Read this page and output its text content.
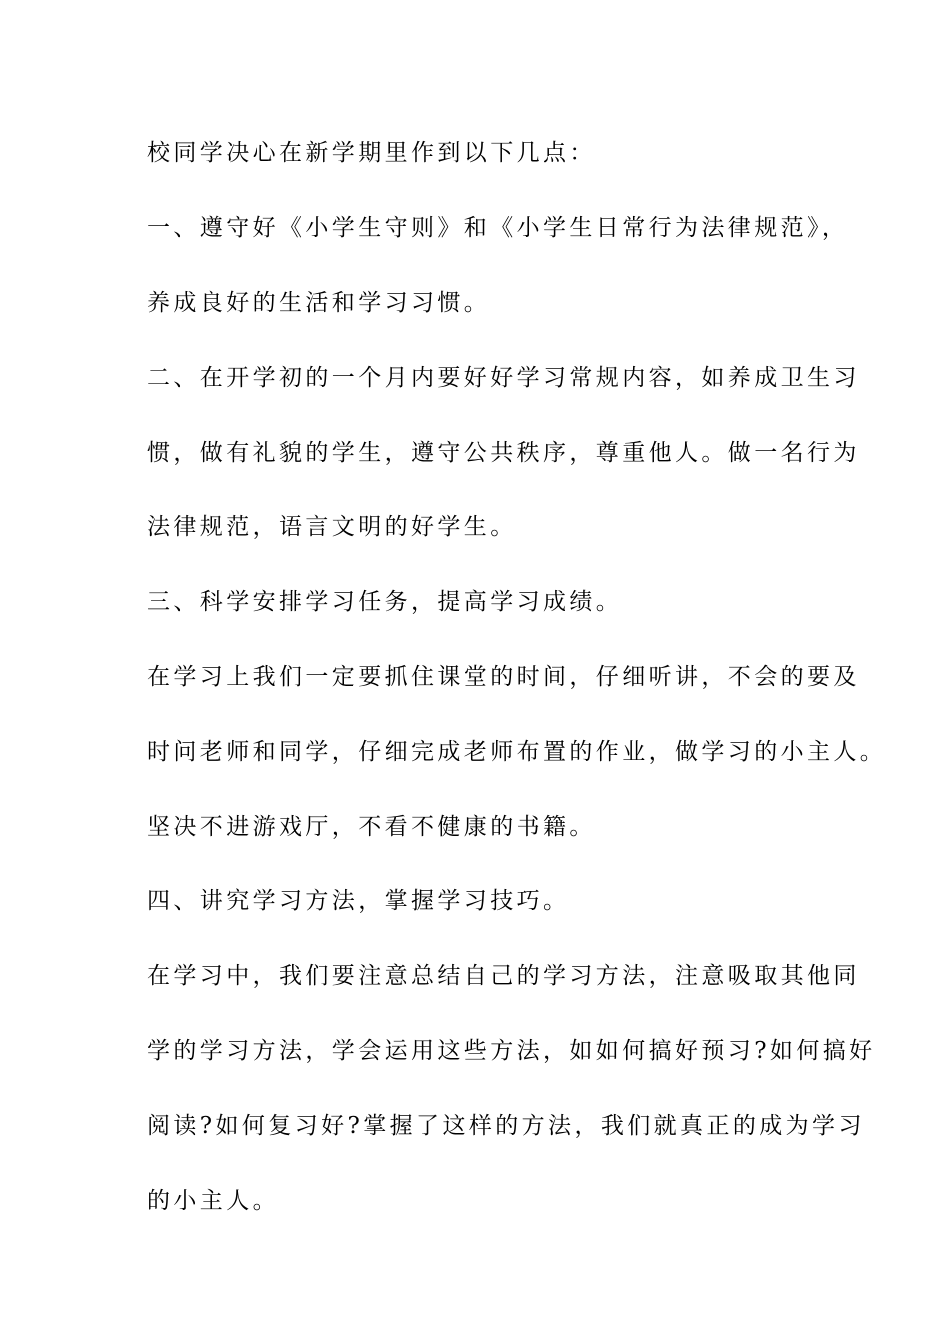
校同学决心在新学期里作到以下几点：

一、遵守好《小学生守则》和《小学生日常行为法律规范》，

养成良好的生活和学习习惯。

二、在开学初的一个月内要好好学习常规内容，如养成卫生习

惯，做有礼貌的学生，遵守公共秩序，尊重他人。做一名行为

法律规范，语言文明的好学生。

三、科学安排学习任务，提高学习成绩。

在学习上我们一定要抓住课堂的时间，仔细听讲，不会的要及

时问老师和同学，仔细完成老师布置的作业，做学习的小主人。

坚决不进游戏厅，不看不健康的书籍。

四、讲究学习方法，掌握学习技巧。

在学习中，我们要注意总结自己的学习方法，注意吸取其他同

学的学习方法，学会运用这些方法，如如何搞好预习?如何搞好

阅读?如何复习好?掌握了这样的方法，我们就真正的成为学习

的小主人。
